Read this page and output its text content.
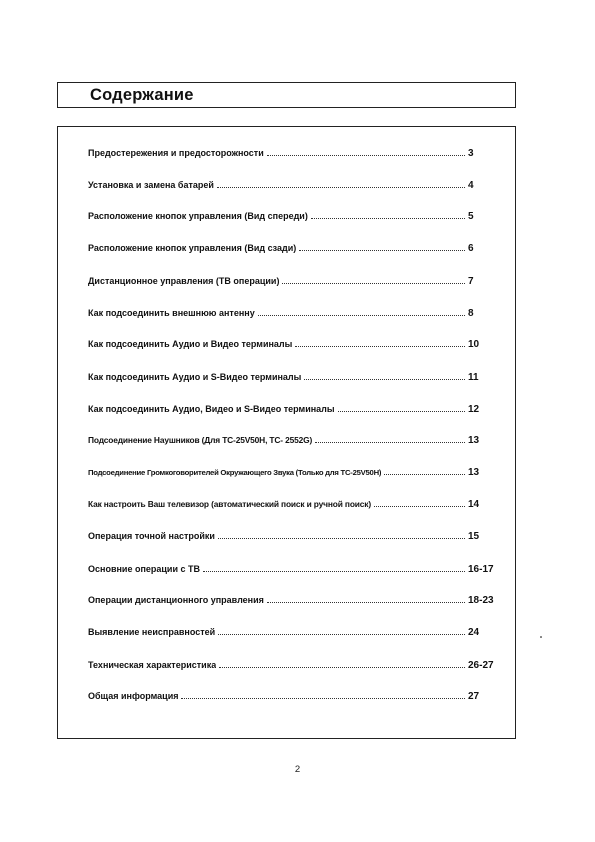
Содержание
Предостережения и предосторожности	3
Установка и замена батарей	4
Расположение кнопок управления (Вид спереди)	5
Расположение кнопок управления (Вид сзади)	6
Дистанционное управления (ТВ операции)	7
Как подсоединить внешнюю антенну	8
Как подсоединить Аудио и Видео терминалы	10
Как подсоединить Аудио и S-Видео терминалы	11
Как подсоединить Аудио, Видео и S-Видео терминалы	12
Подсоединение Наушников (Для TC-25V50H, TC- 2552G)	13
Подсоединение Громкоговорителей Окружающего Звука (Только для TC-25V50H)	13
Как настроить Ваш телевизор (автоматический поиск и ручной поиск)	14
Операция точной настройки	15
Основние операции с ТВ	16-17
Операции дистанционного управления	18-23
Выявление неисправностей	24
Техническая характеристика	26-27
Общая информация	27
2
